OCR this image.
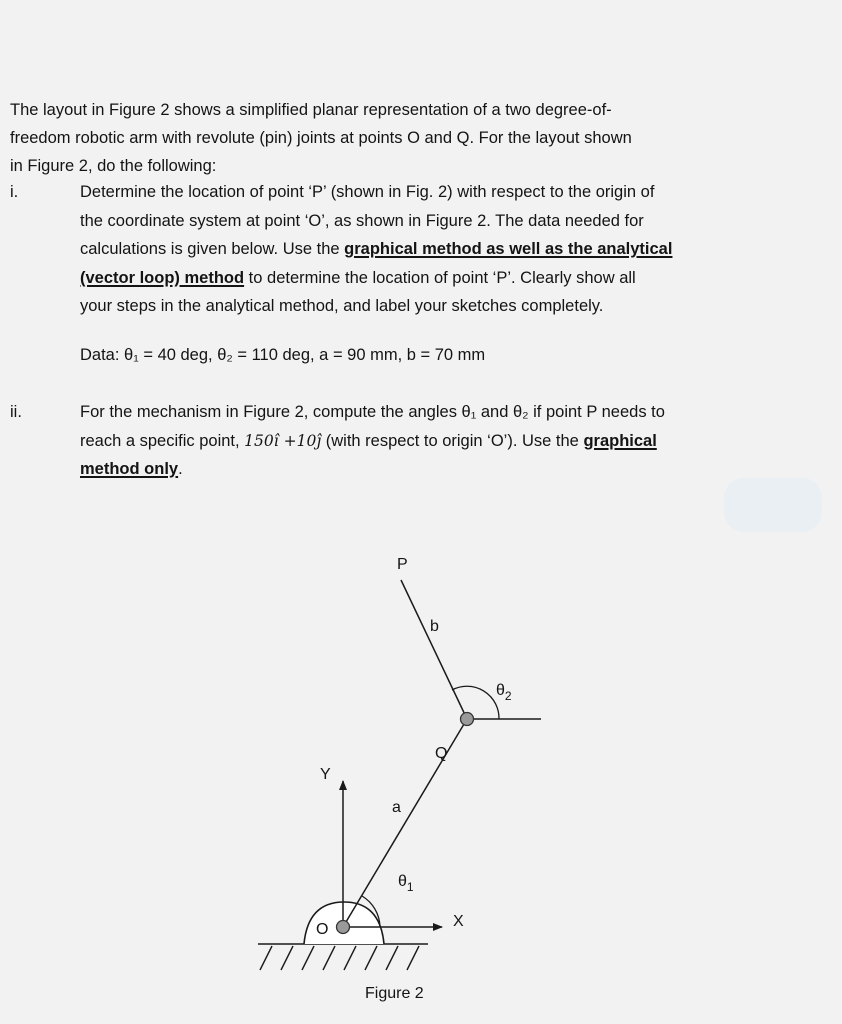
The layout in Figure 2 shows a simplified planar representation of a two degree-of-
freedom robotic arm with revolute (pin) joints at points O and Q. For the layout shown
in Figure 2, do the following:
i.	Determine the location of point ‘P’ (shown in Fig. 2) with respect to the origin of
the coordinate system at point ‘O’, as shown in Figure 2. The data needed for
calculations is given below. Use the graphical method as well as the analytical
(vector loop) method to determine the location of point ‘P’. Clearly show all
your steps in the analytical method, and label your sketches completely.
Data: θ₁ = 40 deg, θ₂ = 110 deg, a = 90 mm, b = 70 mm
ii.	For the mechanism in Figure 2, compute the angles θ₁ and θ₂ if point P needs to
reach a specific point, 150î +10ĵ (with respect to origin ‘O’). Use the graphical
method only.
P
b
$\theta_2$
Q
Y
a
$\theta_1$
O	X
Figure 2
